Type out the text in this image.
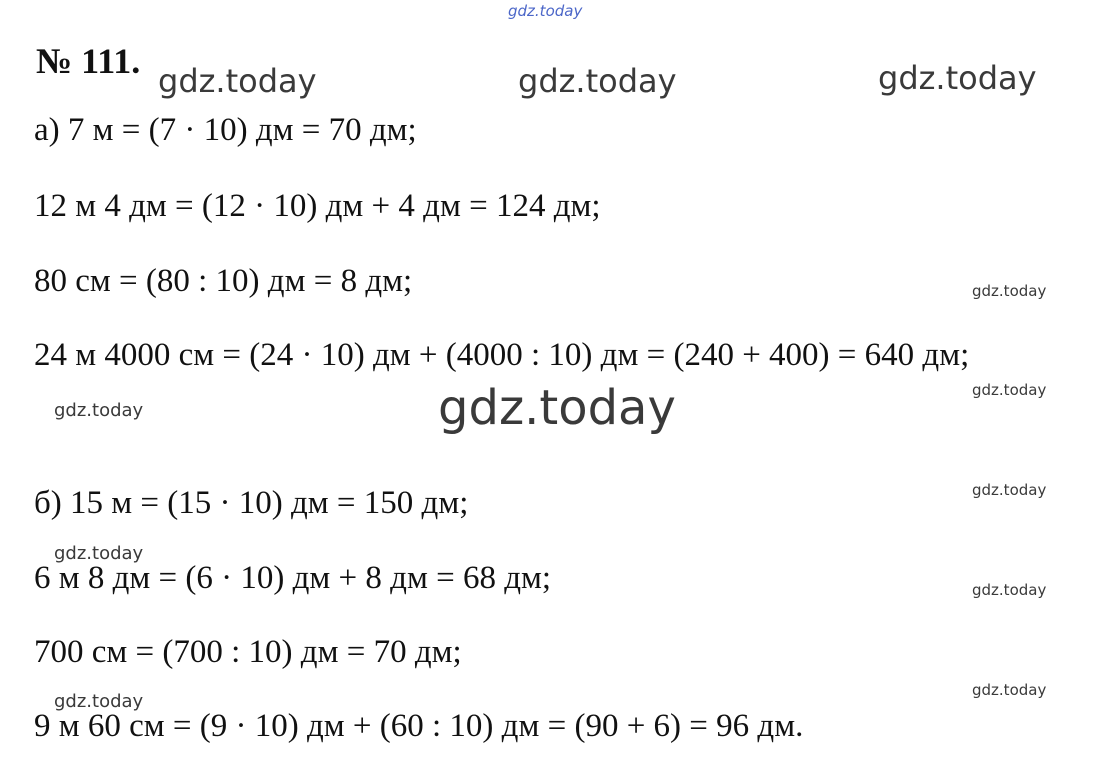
gdz.today
№ 111. gdz.today	gdz.today	gdz.today
а) 7 м = (7 · 10) дм = 70 дм;
12 м 4 дм = (12 · 10) дм + 4 дм = 124 дм;
80 см = (80 : 10) дм = 8 дм;
24 м 4000 см = (24 · 10) дм + (4000 : 10) дм = (240 + 400) = 640 дм;
gdz.today
gdz.today
gdz.today	gdz.today
б) 15 м = (15 · 10) дм = 150 дм;	gdz.today
gdz.today
6 м 8 дм = (6 · 10) дм + 8 дм = 68 дм;	gdz.today
700 см = (700 : 10) дм = 70 дм;
gdz.today
gdz.today
9 м 60 см = (9 · 10) дм + (60 : 10) дм = (90 + 6) = 96 дм.
